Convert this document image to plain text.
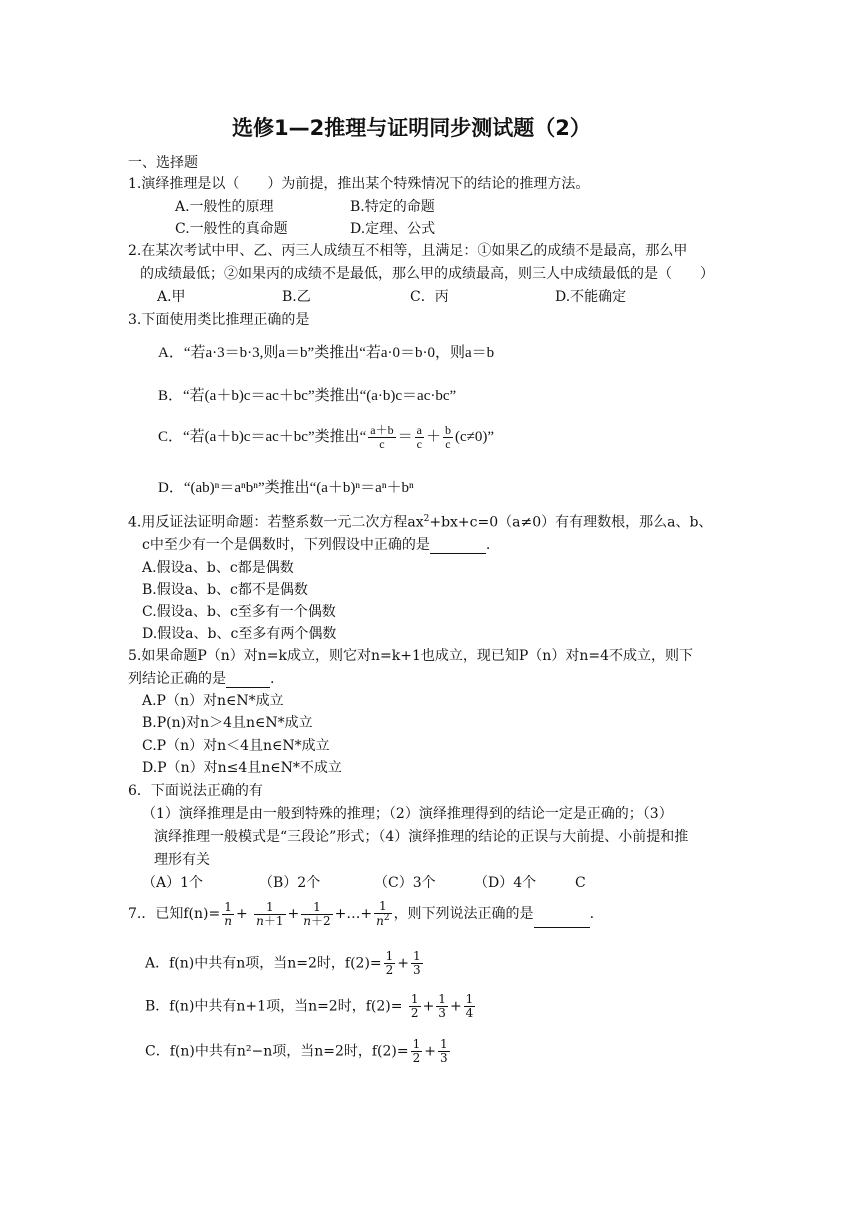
选修1—2推理与证明同步测试题（2）
一、选择题
1.演绎推理是以（　　）为前提，推出某个特殊情况下的结论的推理方法。
A.一般性的原理	B.特定的命题
C.一般性的真命题	D.定理、公式
2.在某次考试中甲、乙、丙三人成绩互不相等，且满足：①如果乙的成绩不是最高，那么甲
的成绩最低；②如果丙的成绩不是最低，那么甲的成绩最高，则三人中成绩最低的是（　　）
A.甲	B.乙	C．丙	D.不能确定
3.下面使用类比推理正确的是
A．“若a·3＝b·3,则a＝b”类推出“若a·0＝b·0，则a＝b
B．“若(a＋b)c＝ac＋bc”类推出“(a·b)c＝ac·bc”
C．“若(a＋b)c＝ac＋bc”类推出“ $\frac{a+b}{c} = \frac{a}{c} + \frac{b}{c} (c\ne 0)$”
D．“(ab)ⁿ＝aⁿbⁿ”类推出“(a＋b)ⁿ＝aⁿ＋bⁿ
4.用反证法证明命题：若整系数一元二次方程$ax^2+bx+c=0(a\ne 0)$有有理数根，那么a、b、
c中至少有一个是偶数时，下列假设中正确的是	.
A.假设a、b、c都是偶数
B.假设a、b、c都不是偶数
C.假设a、b、c至多有一个偶数
D.假设a、b、c至多有两个偶数
5.如果命题P（n）对n=k成立，则它对n=k+1也成立，现已知P（n）对n=4不成立，则下
列结论正确的是	.
A.P（n）对n∈N*成立
B.P(n)对n＞4且n∈N*成立
C.P（n）对n＜4且n∈N*成立
D.P（n）对n≤4且n∈N*不成立
6．下面说法正确的有
（1）演绎推理是由一般到特殊的推理；（2）演绎推理得到的结论一定是正确的；（3）
演绎推理一般模式是“三段论”形式；（4）演绎推理的结论的正误与大前提、小前提和推
理形有关
（A）1个	（B）2个	（C）3个	（D）4个	C
7.．已知$f(n)= \frac{1}{n} + \frac{1}{n+1} + \frac{1}{n+2}$ +…+ $\frac{1}{n^2}$ ，则下列说法正确的是	.
A．f(n)中共有n项，当n=2时，$f(2)= \frac{1}{2} + \frac{1}{3}$
B．f(n)中共有n+1项，当n=2时，$f(2)= \frac{1}{2} + \frac{1}{3} + \frac{1}{4}$
C．f(n)中共有n²−n项，当n=2时，$f(2)= \frac{1}{2} + \frac{1}{3}$
